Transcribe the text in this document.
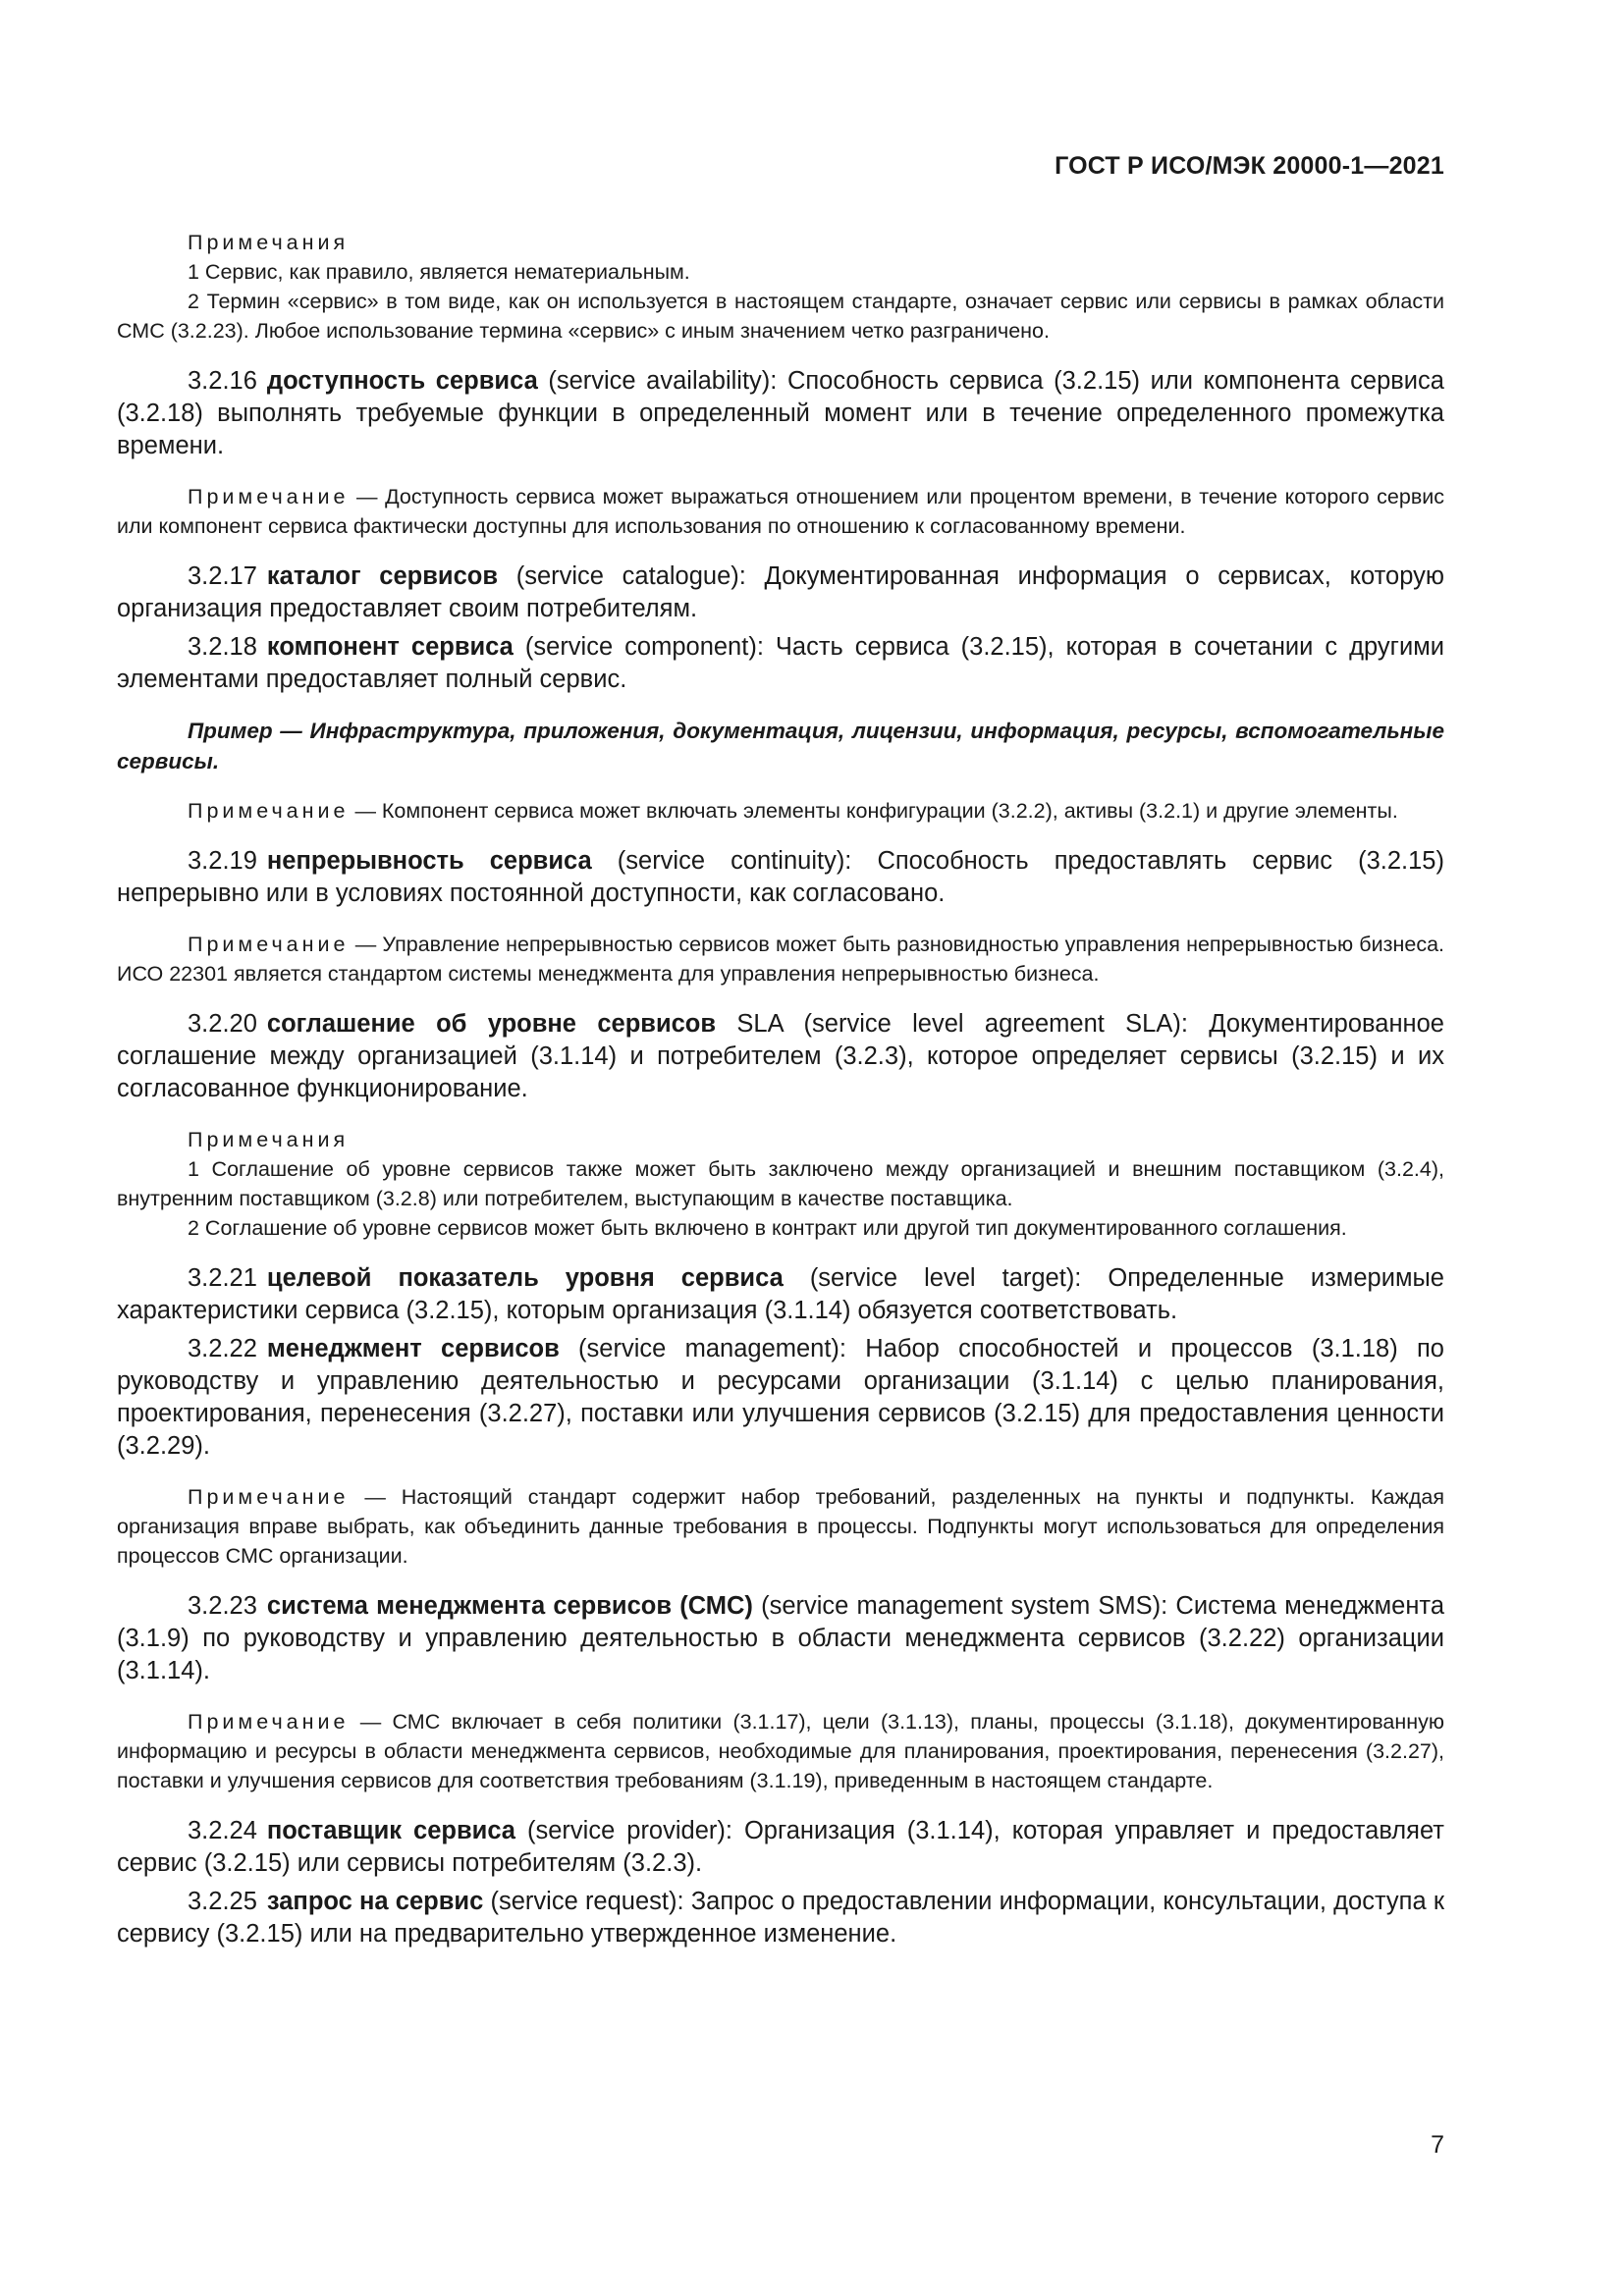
ГОСТ Р ИСО/МЭК 20000-1—2021

Примечания

1 Сервис, как правило, является нематериальным.

2 Термин «сервис» в том виде, как он используется в настоящем стандарте, означает сервис или сервисы в рамках области СМС (3.2.23). Любое использование термина «сервис» с иным значением четко разграничено.

3.2.16 доступность сервиса (service availability): Способность сервиса (3.2.15) или компонента сервиса (3.2.18) выполнять требуемые функции в определенный момент или в течение определенного промежутка времени.

Примечание — Доступность сервиса может выражаться отношением или процентом времени, в течение которого сервис или компонент сервиса фактически доступны для использования по отношению к согласованному времени.

3.2.17 каталог сервисов (service catalogue): Документированная информация о сервисах, которую организация предоставляет своим потребителям.

3.2.18 компонент сервиса (service component): Часть сервиса (3.2.15), которая в сочетании с другими элементами предоставляет полный сервис.

Пример — Инфраструктура, приложения, документация, лицензии, информация, ресурсы, вспомогательные сервисы.

Примечание — Компонент сервиса может включать элементы конфигурации (3.2.2), активы (3.2.1) и другие элементы.

3.2.19 непрерывность сервиса (service continuity): Способность предоставлять сервис (3.2.15) непрерывно или в условиях постоянной доступности, как согласовано.

Примечание — Управление непрерывностью сервисов может быть разновидностью управления непрерывностью бизнеса. ИСО 22301 является стандартом системы менеджмента для управления непрерывностью бизнеса.

3.2.20 соглашение об уровне сервисов SLA (service level agreement SLA): Документированное соглашение между организацией (3.1.14) и потребителем (3.2.3), которое определяет сервисы (3.2.15) и их согласованное функционирование.

Примечания

1 Соглашение об уровне сервисов также может быть заключено между организацией и внешним поставщиком (3.2.4), внутренним поставщиком (3.2.8) или потребителем, выступающим в качестве поставщика.

2 Соглашение об уровне сервисов может быть включено в контракт или другой тип документированного соглашения.

3.2.21 целевой показатель уровня сервиса (service level target): Определенные измеримые характеристики сервиса (3.2.15), которым организация (3.1.14) обязуется соответствовать.

3.2.22 менеджмент сервисов (service management): Набор способностей и процессов (3.1.18) по руководству и управлению деятельностью и ресурсами организации (3.1.14) с целью планирования, проектирования, перенесения (3.2.27), поставки или улучшения сервисов (3.2.15) для предоставления ценности (3.2.29).

Примечание — Настоящий стандарт содержит набор требований, разделенных на пункты и подпункты. Каждая организация вправе выбрать, как объединить данные требования в процессы. Подпункты могут использоваться для определения процессов СМС организации.

3.2.23 система менеджмента сервисов (СМС) (service management system SMS): Система менеджмента (3.1.9) по руководству и управлению деятельностью в области менеджмента сервисов (3.2.22) организации (3.1.14).

Примечание — СМС включает в себя политики (3.1.17), цели (3.1.13), планы, процессы (3.1.18), документированную информацию и ресурсы в области менеджмента сервисов, необходимые для планирования, проектирования, перенесения (3.2.27), поставки и улучшения сервисов для соответствия требованиям (3.1.19), приведенным в настоящем стандарте.

3.2.24 поставщик сервиса (service provider): Организация (3.1.14), которая управляет и предоставляет сервис (3.2.15) или сервисы потребителям (3.2.3).

3.2.25 запрос на сервис (service request): Запрос о предоставлении информации, консультации, доступа к сервису (3.2.15) или на предварительно утвержденное изменение.

7
